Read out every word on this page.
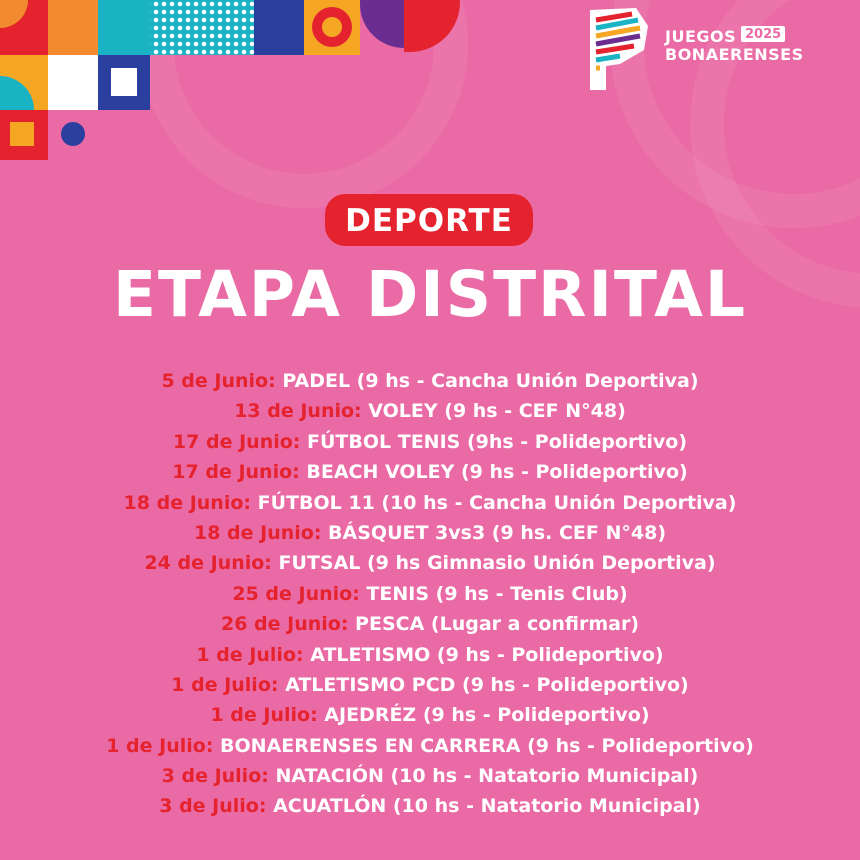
JUEGOS 2025
BONAERENSES
DEPORTE
ETAPA DISTRITAL
5 de Junio: PADEL (9 hs - Cancha Unión Deportiva)
13 de Junio: VOLEY (9 hs - CEF N°48)
17 de Junio: FÚTBOL TENIS (9hs - Polideportivo)
17 de Junio: BEACH VOLEY (9 hs - Polideportivo)
18 de Junio: FÚTBOL 11 (10 hs - Cancha Unión Deportiva)
18 de Junio: BÁSQUET 3vs3 (9 hs. CEF N°48)
24 de Junio: FUTSAL (9 hs Gimnasio Unión Deportiva)
25 de Junio: TENIS (9 hs - Tenis Club)
26 de Junio: PESCA (Lugar a confirmar)
1 de Julio: ATLETISMO (9 hs - Polideportivo)
1 de Julio: ATLETISMO PCD (9 hs - Polideportivo)
1 de Julio: AJEDRÉZ (9 hs - Polideportivo)
1 de Julio: BONAERENSES EN CARRERA (9 hs - Polideportivo)
3 de Julio: NATACIÓN (10 hs - Natatorio Municipal)
3 de Julio: ACUATLÓN (10 hs - Natatorio Municipal)
